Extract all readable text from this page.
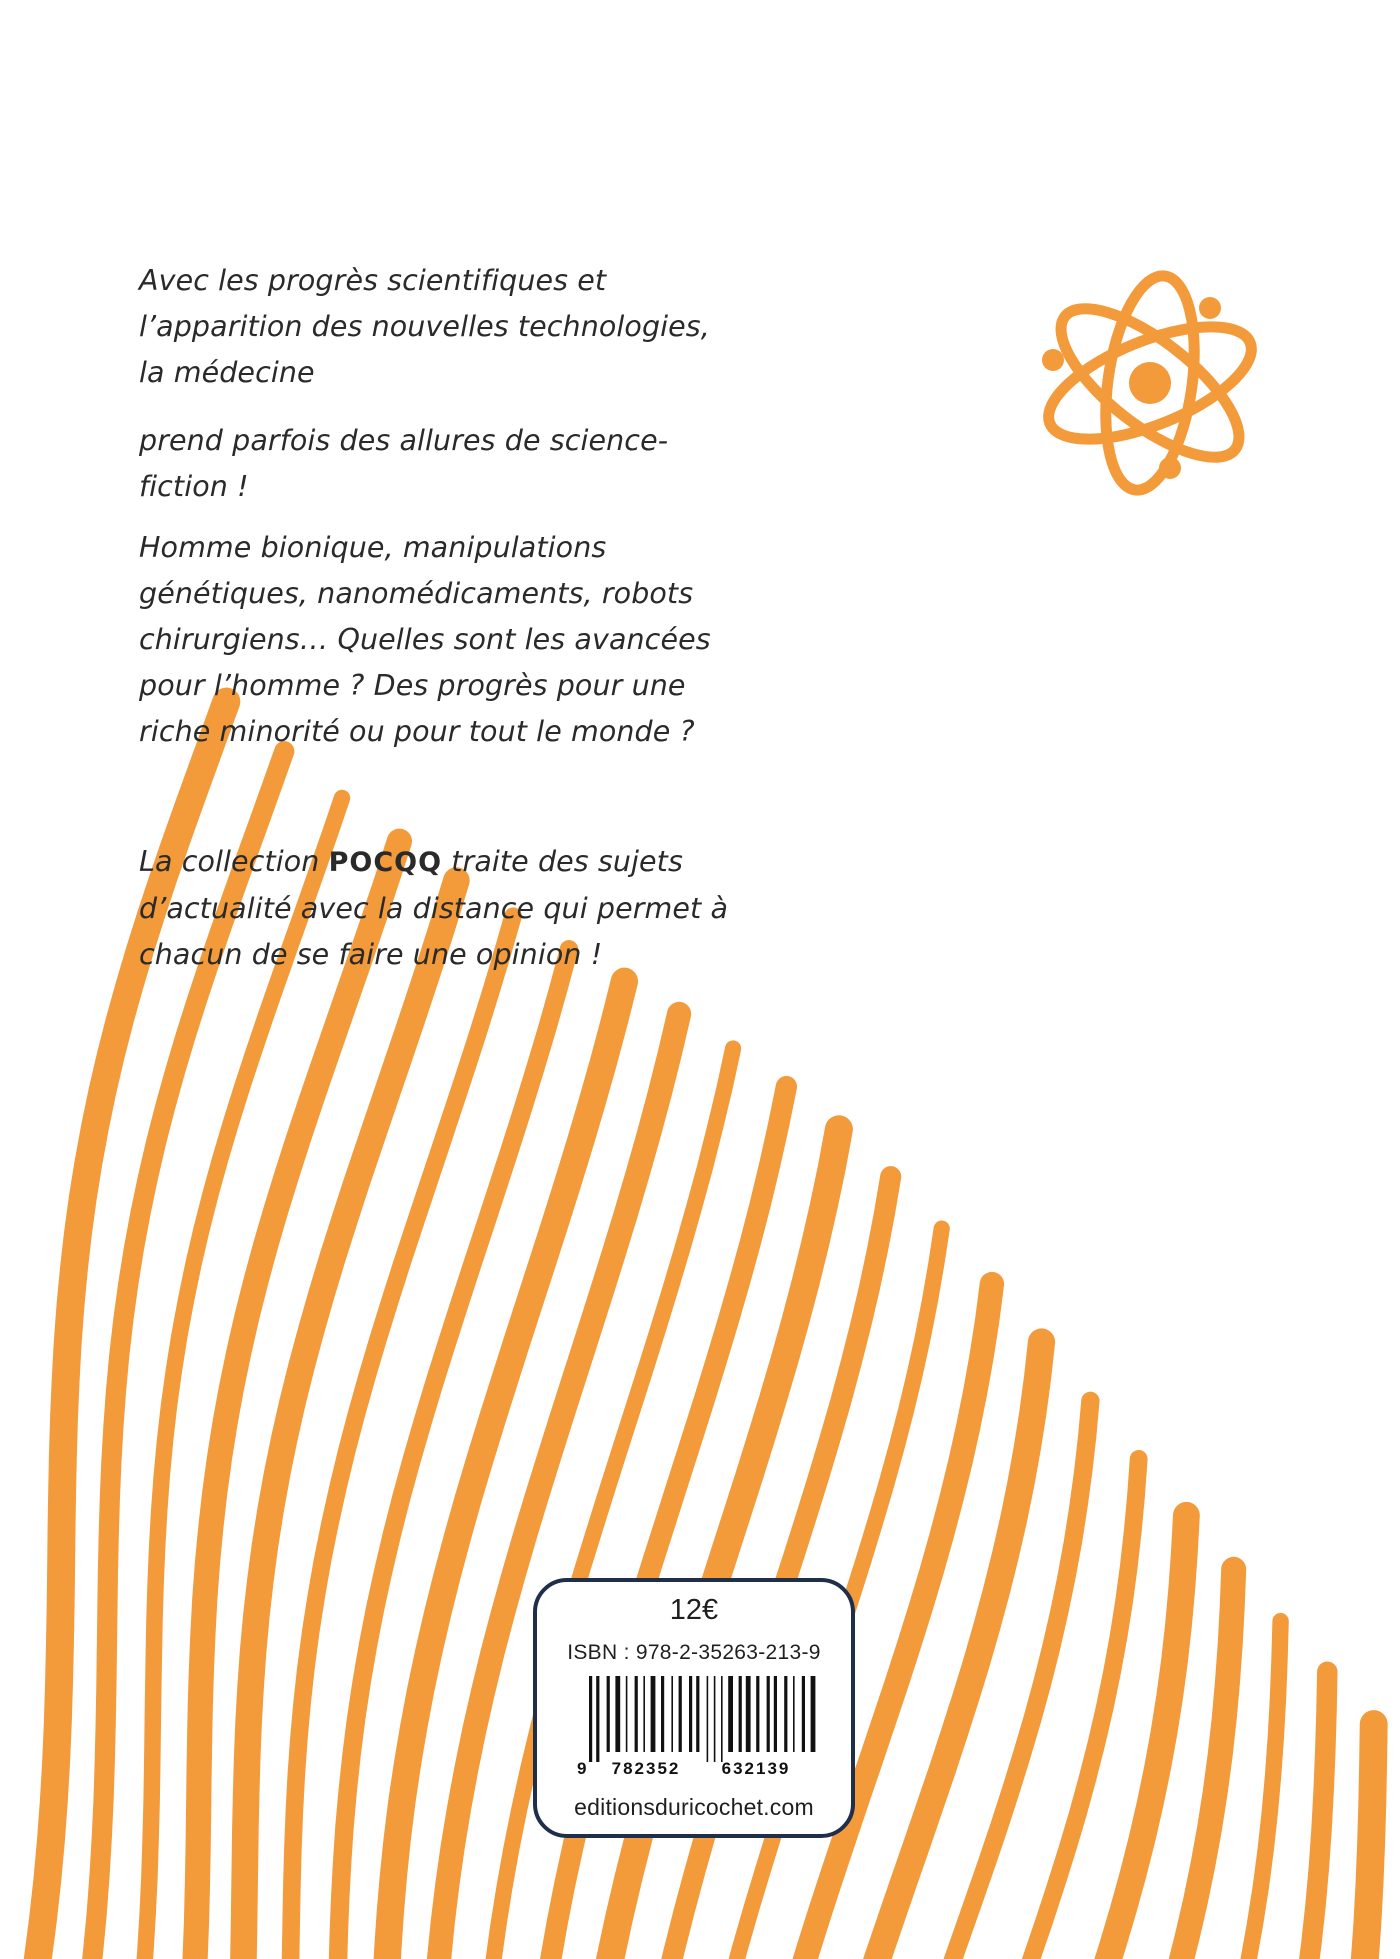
Avec les progrès scientifiques et l’apparition des nouvelles technologies, la médecine

prend parfois des allures de science-fiction !

Homme bionique, manipulations génétiques, nanomédicaments, robots chirurgiens… Quelles sont les avancées pour l’homme ? Des progrès pour une riche minorité ou pour tout le monde ?

La collection POCQQ traite des sujets d’actualité avec la distance qui permet à chacun de se faire une opinion !

12€
ISBN : 978-2-35263-213-9
9 782352 632139
editionsduricochet.com
